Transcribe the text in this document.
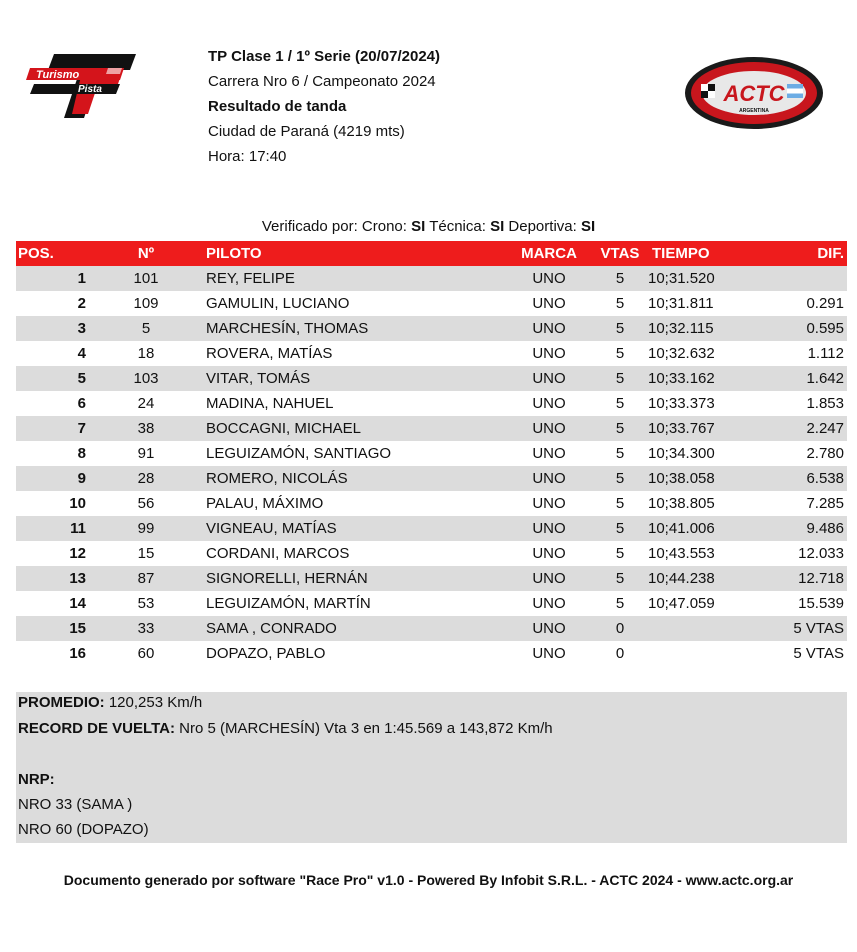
Turismo
Pista	ACTC
ARGENTINA
TP Clase 1 / 1º Serie (20/07/2024)
Carrera Nro 6 / Campeonato 2024
Resultado de tanda
Ciudad de Paraná (4219 mts)
Hora: 17:40
Verificado por: Crono: SI Técnica: SI Deportiva: SI
POS.	Nº	PILOTO	MARCA	VTAS	TIEMPO	DIF.
1	101	REY, FELIPE	UNO	5	10;31.520	
2	109	GAMULIN, LUCIANO	UNO	5	10;31.811	0.291
3	5	MARCHESÍN, THOMAS	UNO	5	10;32.115	0.595
4	18	ROVERA, MATÍAS	UNO	5	10;32.632	1.112
5	103	VITAR, TOMÁS	UNO	5	10;33.162	1.642
6	24	MADINA, NAHUEL	UNO	5	10;33.373	1.853
7	38	BOCCAGNI, MICHAEL	UNO	5	10;33.767	2.247
8	91	LEGUIZAMÓN, SANTIAGO	UNO	5	10;34.300	2.780
9	28	ROMERO, NICOLÁS	UNO	5	10;38.058	6.538
10	56	PALAU, MÁXIMO	UNO	5	10;38.805	7.285
11	99	VIGNEAU, MATÍAS	UNO	5	10;41.006	9.486
12	15	CORDANI, MARCOS	UNO	5	10;43.553	12.033
13	87	SIGNORELLI, HERNÁN	UNO	5	10;44.238	12.718
14	53	LEGUIZAMÓN, MARTÍN	UNO	5	10;47.059	15.539
15	33	SAMA , CONRADO	UNO	0		5 VTAS
16	60	DOPAZO, PABLO	UNO	0		5 VTAS
PROMEDIO: 120,253 Km/h
RECORD DE VUELTA: Nro 5 (MARCHESÍN) Vta 3 en 1:45.569 a 143,872 Km/h
NRP:
NRO 33 (SAMA )
NRO 60 (DOPAZO)
Documento generado por software "Race Pro" v1.0 - Powered By Infobit S.R.L. - ACTC 2024 - www.actc.org.ar
